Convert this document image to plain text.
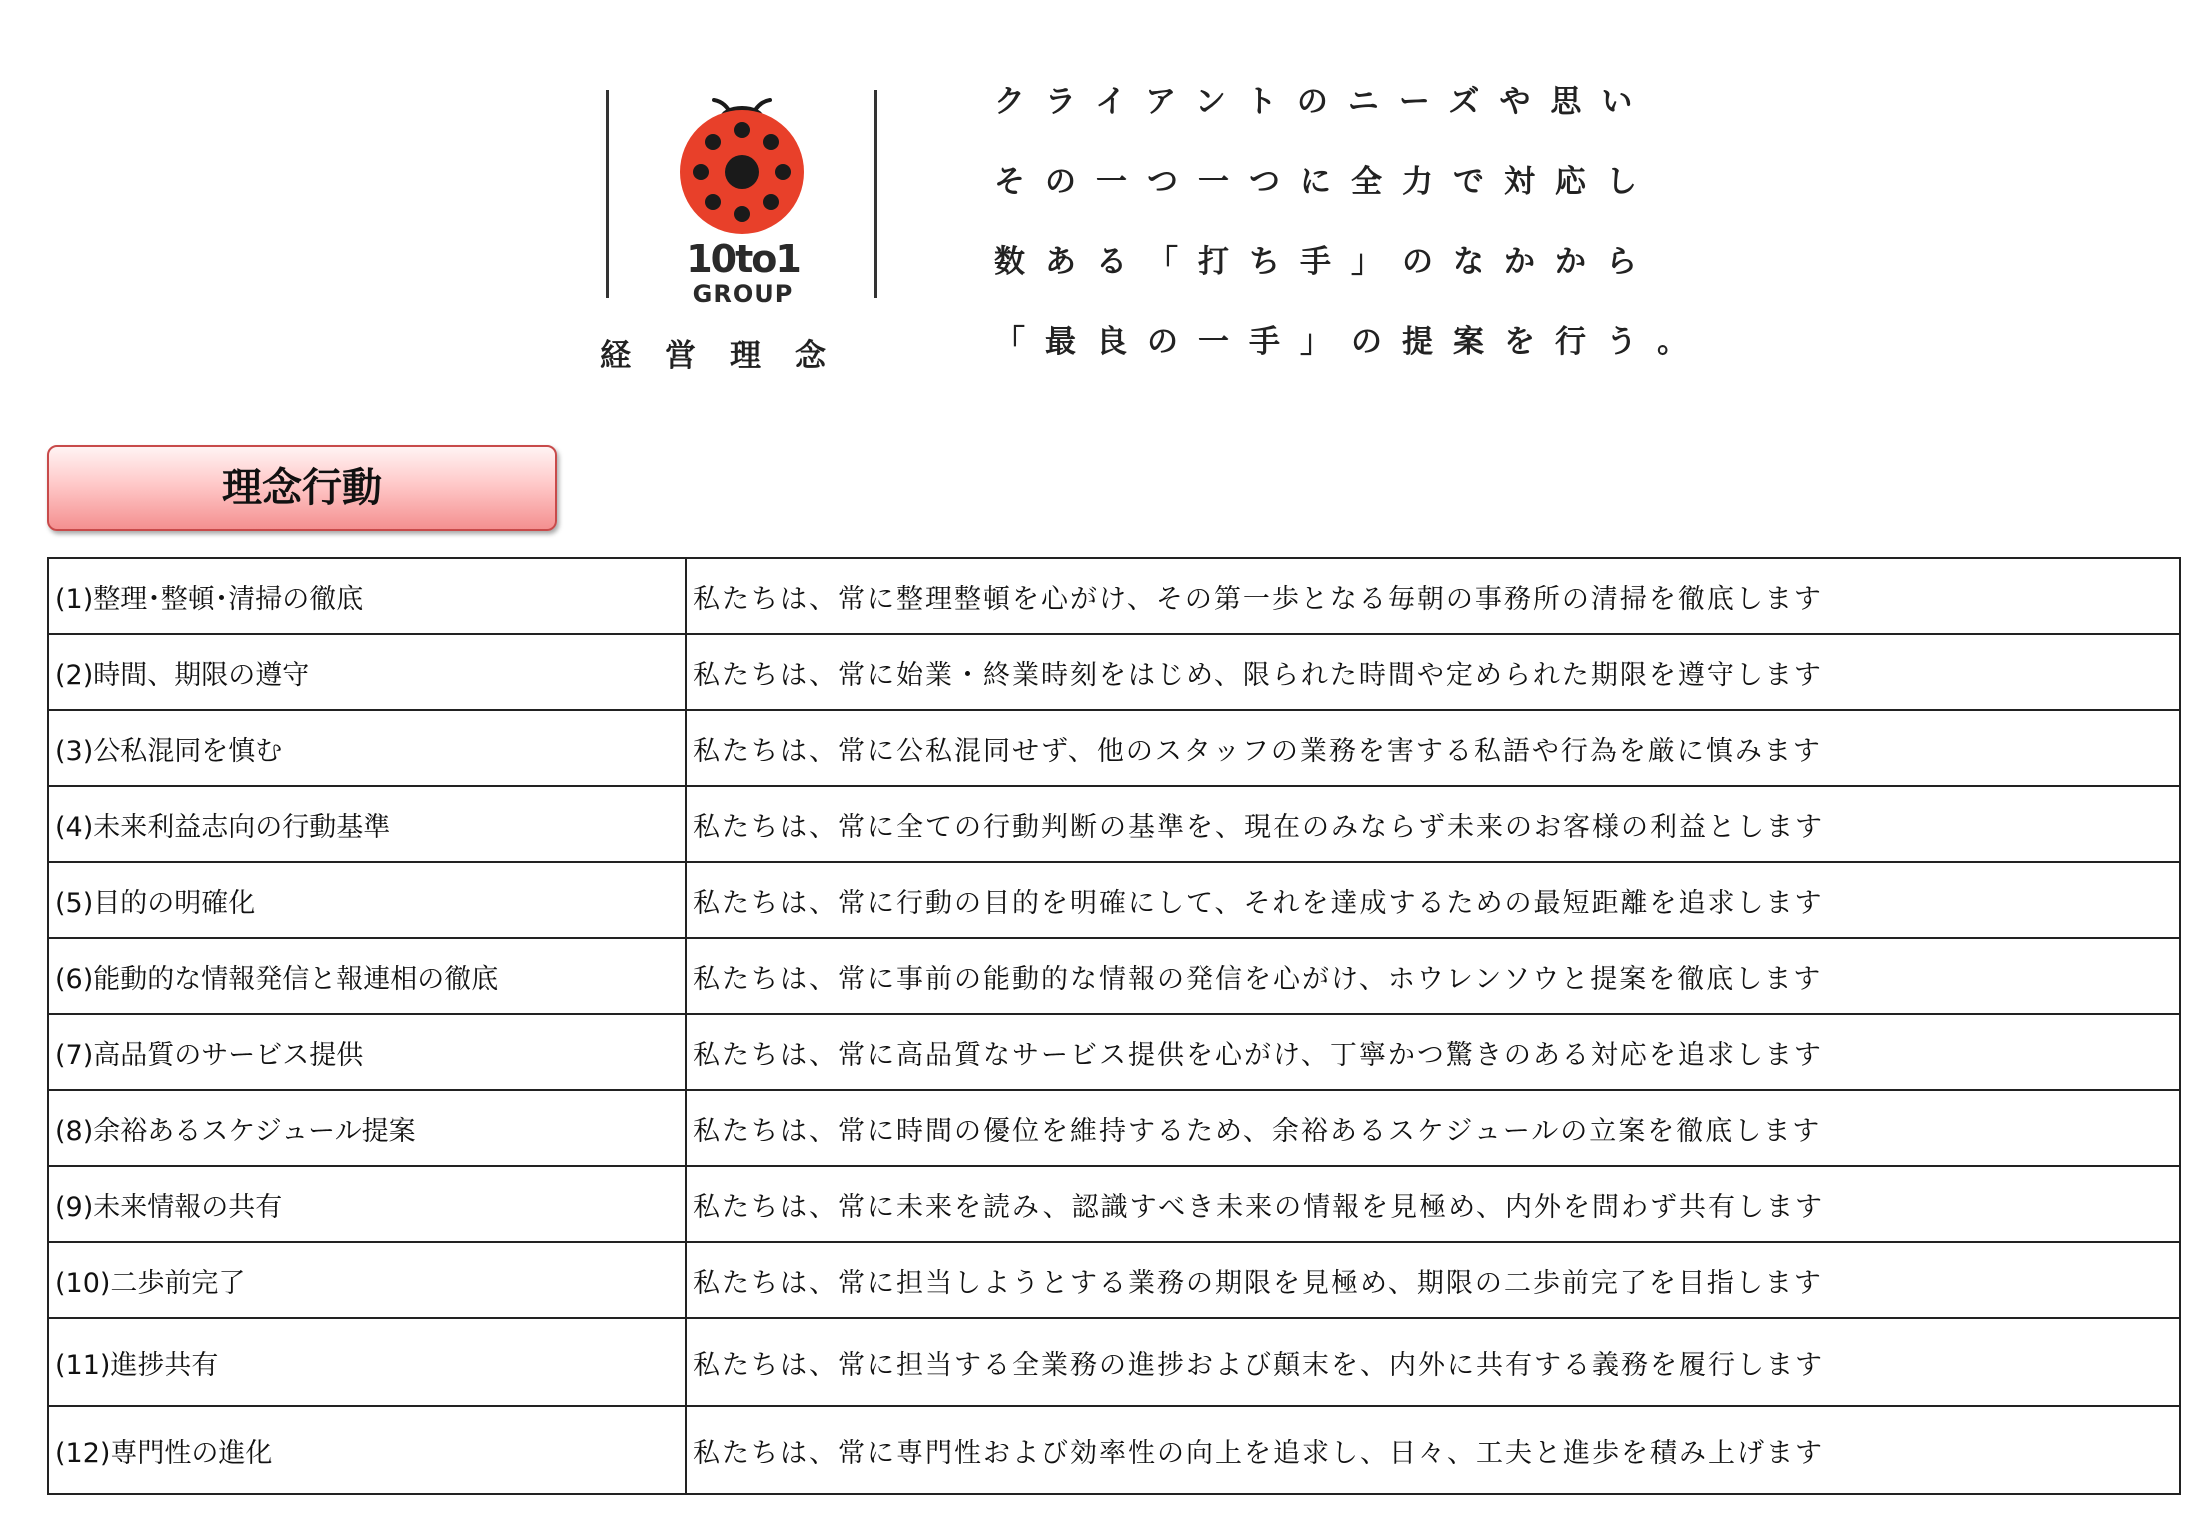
10to1
GROUP
経営理念
クライアントのニーズや思い
その一つ一つに全力で対応し
数ある「打ち手」のなかから
「最良の一手」の提案を行う。
理念行動
(1)整理･整頓･清掃の徹底	私たちは、常に整理整頓を心がけ、その第一歩となる毎朝の事務所の清掃を徹底します
(2)時間、期限の遵守	私たちは、常に始業・終業時刻をはじめ、限られた時間や定められた期限を遵守します
(3)公私混同を慎む	私たちは、常に公私混同せず、他のスタッフの業務を害する私語や行為を厳に慎みます
(4)未来利益志向の行動基準	私たちは、常に全ての行動判断の基準を、現在のみならず未来のお客様の利益とします
(5)目的の明確化	私たちは、常に行動の目的を明確にして、それを達成するための最短距離を追求します
(6)能動的な情報発信と報連相の徹底	私たちは、常に事前の能動的な情報の発信を心がけ、ホウレンソウと提案を徹底します
(7)高品質のサービス提供	私たちは、常に高品質なサービス提供を心がけ、丁寧かつ驚きのある対応を追求します
(8)余裕あるスケジュール提案	私たちは、常に時間の優位を維持するため、余裕あるスケジュールの立案を徹底します
(9)未来情報の共有	私たちは、常に未来を読み、認識すべき未来の情報を見極め、内外を問わず共有します
(10)二歩前完了	私たちは、常に担当しようとする業務の期限を見極め、期限の二歩前完了を目指します
(11)進捗共有	私たちは、常に担当する全業務の進捗および顛末を、内外に共有する義務を履行します
(12)専門性の進化	私たちは、常に専門性および効率性の向上を追求し、日々、工夫と進歩を積み上げます
